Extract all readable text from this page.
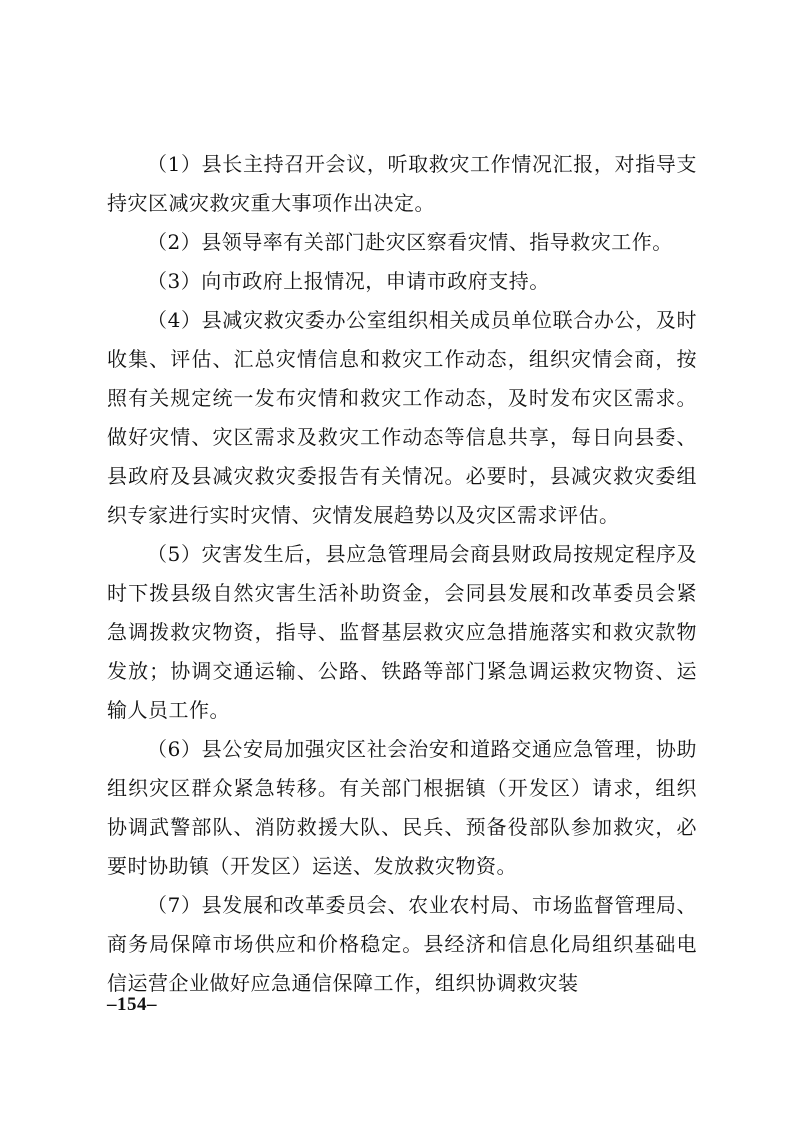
（1）县长主持召开会议，听取救灾工作情况汇报，对指导支持灾区减灾救灾重大事项作出决定。

（2）县领导率有关部门赴灾区察看灾情、指导救灾工作。

（3）向市政府上报情况，申请市政府支持。

（4）县减灾救灾委办公室组织相关成员单位联合办公，及时收集、评估、汇总灾情信息和救灾工作动态，组织灾情会商，按照有关规定统一发布灾情和救灾工作动态，及时发布灾区需求。做好灾情、灾区需求及救灾工作动态等信息共享，每日向县委、县政府及县减灾救灾委报告有关情况。必要时，县减灾救灾委组织专家进行实时灾情、灾情发展趋势以及灾区需求评估。

（5）灾害发生后，县应急管理局会商县财政局按规定程序及时下拨县级自然灾害生活补助资金，会同县发展和改革委员会紧急调拨救灾物资，指导、监督基层救灾应急措施落实和救灾款物发放；协调交通运输、公路、铁路等部门紧急调运救灾物资、运输人员工作。

（6）县公安局加强灾区社会治安和道路交通应急管理，协助组织灾区群众紧急转移。有关部门根据镇（开发区）请求，组织协调武警部队、消防救援大队、民兵、预备役部队参加救灾，必要时协助镇（开发区）运送、发放救灾物资。

（7）县发展和改革委员会、农业农村局、市场监督管理局、商务局保障市场供应和价格稳定。县经济和信息化局组织基础电信运营企业做好应急通信保障工作，组织协调救灾装

–154–
